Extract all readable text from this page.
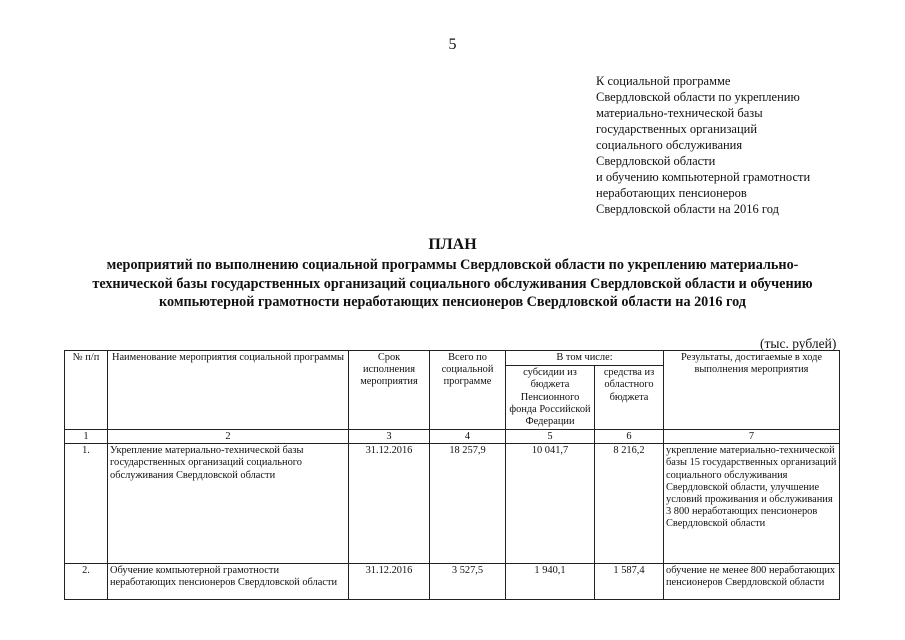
5
К социальной программе
Свердловской области по укреплению
материально-технической базы
государственных организаций
социального обслуживания
Свердловской области
и обучению компьютерной грамотности
неработающих пенсионеров
Свердловской области на 2016 год
ПЛАН
мероприятий по выполнению социальной программы Свердловской области по укреплению материально-
технической базы государственных организаций социального обслуживания Свердловской области и обучению
компьютерной грамотности неработающих пенсионеров Свердловской области на 2016 год
(тыс. рублей)
№ п/п	Наименование мероприятия социальной программы	Срок исполнения мероприятия	Всего по социальной программе	В том числе:		Результаты, достигаемые в ходе выполнения мероприятия
				субсидии из бюджета Пенсионного фонда Российской Федерации	средства из областного бюджета	
1	2	3	4	5	6	7
1.	Укрепление материально-технической базы государственных организаций социального обслуживания Свердловской области	31.12.2016	18 257,9	10 041,7	8 216,2	укрепление материально-технической базы 15 государственных организаций социального обслуживания Свердловской области, улучшение условий проживания и обслуживания 3 800 неработающих пенсионеров Свердловской области
2.	Обучение компьютерной грамотности неработающих пенсионеров Свердловской области	31.12.2016	3 527,5	1 940,1	1 587,4	обучение не менее 800 неработающих пенсионеров Свердловской области
